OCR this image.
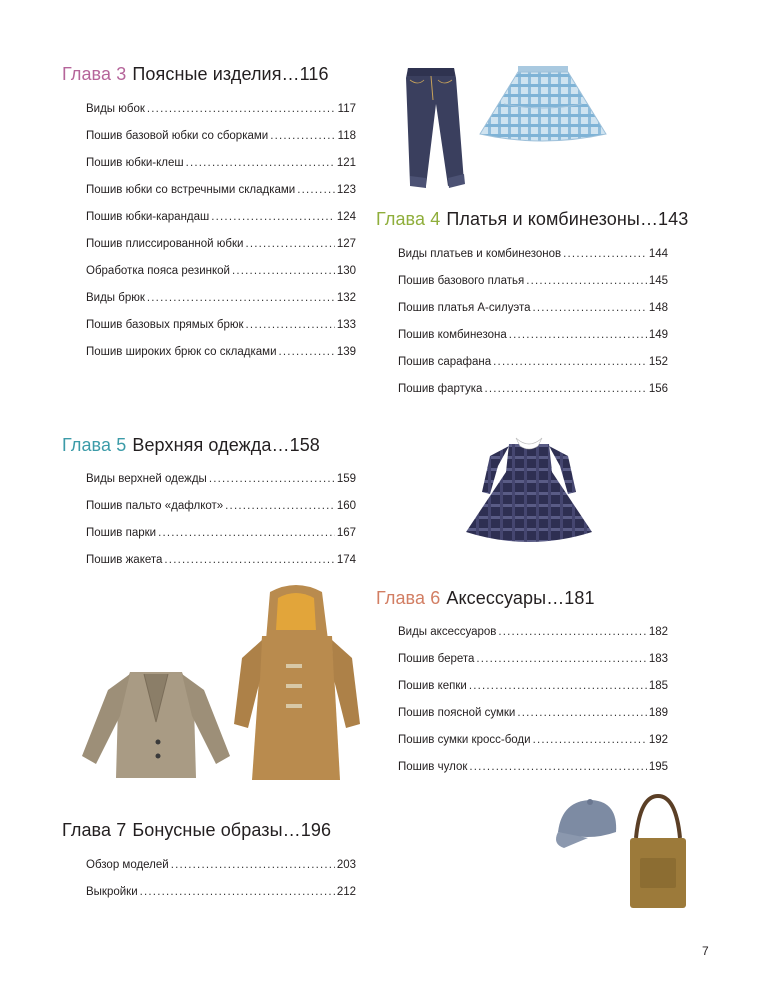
Глава 3 Поясные изделия…116
Виды юбок . . .	117
Пошив базовой юбки со сборками . . .	118
Пошив юбки-клеш . . .	121
Пошив юбки со встречными складками . . .	123
Пошив юбки-карандаш . . .	124
Пошив плиссированной юбки . . .	127
Обработка пояса резинкой . . .	130
Виды брюк . . .	132
Пошив базовых прямых брюк . . .	133
Пошив широких брюк со складками . . .	139
Глава 4 Платья и комбинезоны…143
Виды платьев и комбинезонов . . .	144
Пошив базового платья . . .	145
Пошив платья А-силуэта . . .	148
Пошив комбинезона . . .	149
Пошив сарафана . . .	152
Пошив фартука . . .	156
Глава 5 Верхняя одежда…158
Виды верхней одежды . . .	159
Пошив пальто «дафлкот» . . .	160
Пошив парки . . .	167
Пошив жакета . . .	174
Глава 6 Аксессуары…181
Виды аксессуаров . . .	182
Пошив берета . . .	183
Пошив кепки . . .	185
Пошив поясной сумки . . .	189
Пошив сумки кросс-боди . . .	192
Пошив чулок . . .	195
Глава 7 Бонусные образы…196
Обзор моделей . . .	203
Выкройки . . .	212
7
